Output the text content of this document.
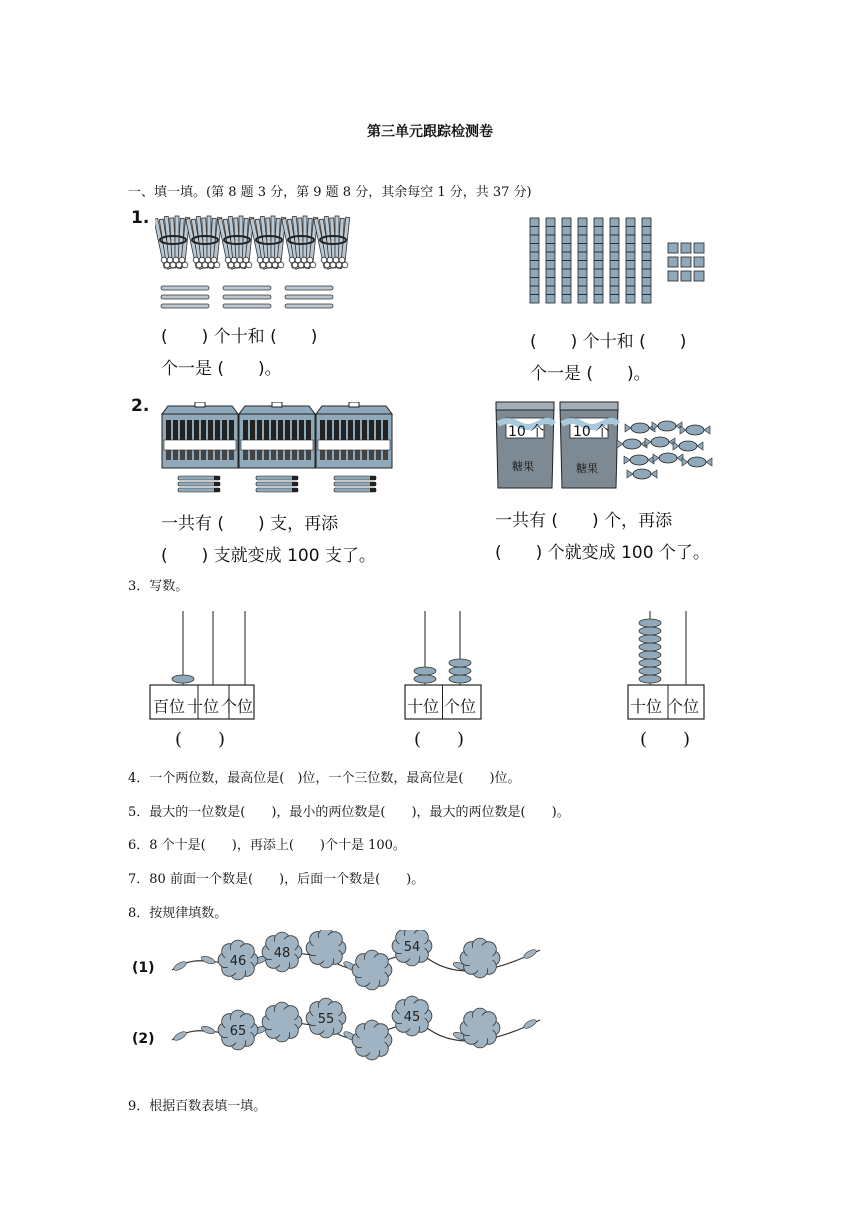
第三单元跟踪检测卷
一、填一填。(第 8 题 3 分，第 9 题 8 分，其余每空 1 分，共 37 分)
1.
(　　) 个十和 (　　)
个一是 (　　)。
(　　) 个十和 (　　)
个一是 (　　)。
2.
一共有 (　　) 支，再添
(　　) 支就变成 100 支了。
10 个
糖果
10 个
糖果
一共有 (　　) 个，再添
(　　) 个就变成 100 个了。
3．写数。
百位 十位 个位
(　　)
十位 个位
(　　)
十位 个位
(　　)
4．一个两位数，最高位是(　)位，一个三位数，最高位是(　　)位。
5．最大的一位数是(　　)，最小的两位数是(　　)，最大的两位数是(　　)。
6．8 个十是(　　)，再添上(　　)个十是 100。
7．80 前面一个数是(　　)，后面一个数是(　　)。
8．按规律填数。
(1)
(2)
46
48	54
65
55	45
9．根据百数表填一填。
